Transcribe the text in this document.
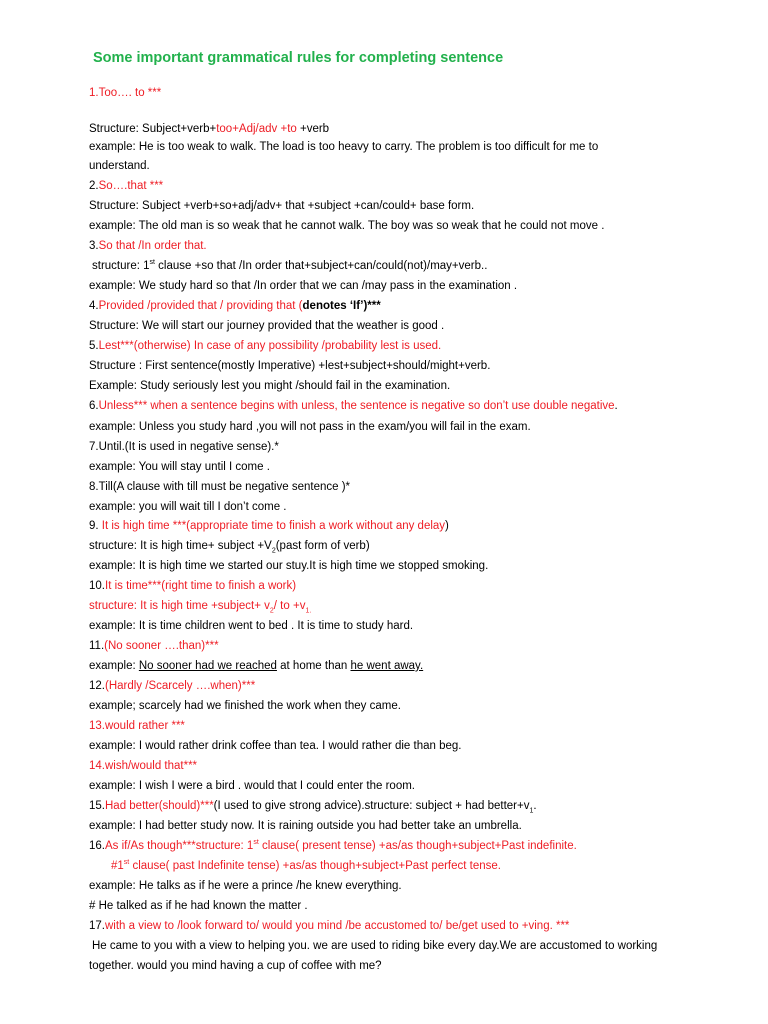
Some important grammatical rules for completing sentence
1.Too…. to ***
Structure: Subject+verb+too+Adj/adv +to +verb
example: He is too weak to walk. The load is too heavy to carry. The problem is too difficult for me to
understand.
2.So….that ***
Structure: Subject +verb+so+adj/adv+ that +subject +can/could+ base form.
example: The old man is so weak that he cannot walk. The boy was so weak that he could not move .
3.So that /In order that.
structure: 1st clause +so that /In order that+subject+can/could(not)/may+verb..
example: We study hard so that /In order that we can /may pass in the examination .
4.Provided /provided that / providing that (denotes ‘If’)***
Structure: We will start our journey provided that the weather is good .
5.Lest***(otherwise) In case of any possibility /probability lest is used.
Structure : First sentence(mostly Imperative) +lest+subject+should/might+verb.
Example: Study seriously lest you might /should fail in the examination.
6.Unless*** when a sentence begins with unless, the sentence is negative so don’t use double negative.
example: Unless you study hard ,you will not pass in the exam/you will fail in the exam.
7.Until.(It is used in negative sense).*
example: You will stay until I come .
8.Till(A clause with till must be negative sentence )*
example: you will wait till I don’t come .
9. It is high time ***(appropriate time to finish a work without any delay)
structure: It is high time+ subject $+V_2(past$ form of verb)
example: It is high time we started our stuy.It is high time we stopped smoking.
10.It is time***(right time to finish a work)
structure: It is high time +subject+ $v_2/$ to $+v_{1.}$
example: It is time children went to bed . It is time to study hard.
11.(No sooner ….than)***
example: No sooner had we reached at home than he went away.
12.(Hardly /Scarcely ….when)***
example; scarcely had we finished the work when they came.
13.would rather ***
example: I would rather drink coffee than tea. I would rather die than beg.
14.wish/would that***
example: I wish I were a bird . would that I could enter the room.
15.Had better(should)***(I used to give strong advice).structure: subject + had $better+v_1$.
example: I had better study now. It is raining outside you had better take an umbrella.
16.As if/As though***structure: 1st clause( present tense) +as/as though+subject+Past indefinite.
#1st clause( past Indefinite tense) +as/as though+subject+Past perfect tense.
example: He talks as if he were a prince /he knew everything.
# He talked as if he had known the matter .
17.with a view to /look forward to/ would you mind /be accustomed to/ be/get used to +ving. ***
He came to you with a view to helping you. we are used to riding bike every day.We are accustomed to working
together. would you mind having a cup of coffee with me?
